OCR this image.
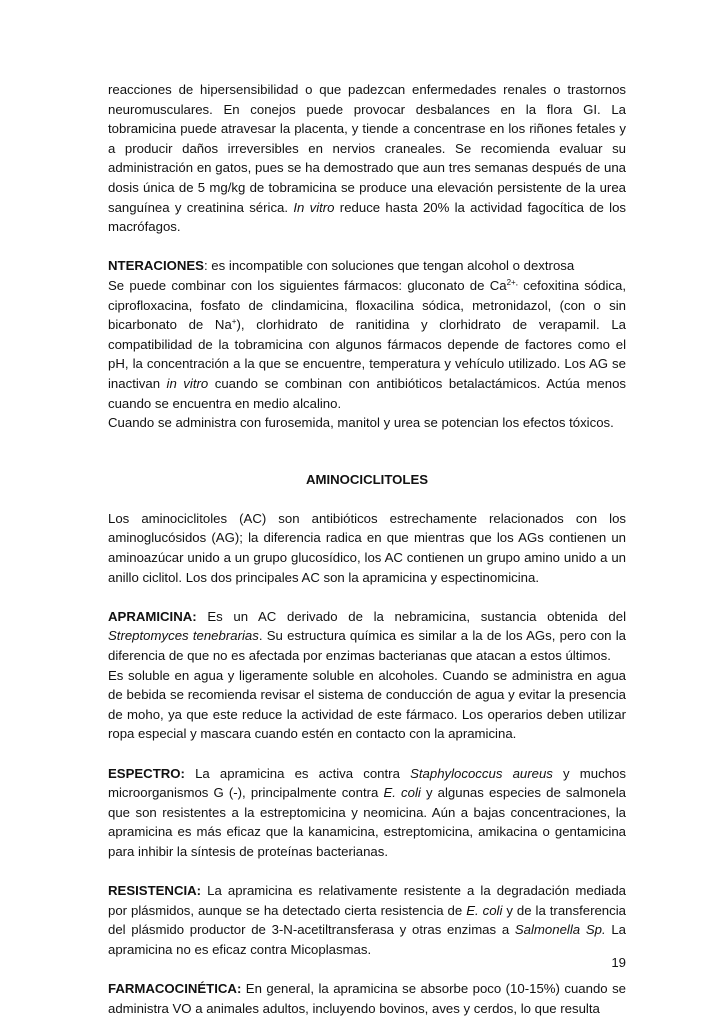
reacciones de hipersensibilidad o que padezcan enfermedades renales o trastornos neuromusculares. En conejos puede provocar desbalances en la flora GI. La tobramicina puede atravesar la placenta, y tiende a concentrase en los riñones fetales y a producir daños irreversibles en nervios craneales. Se recomienda evaluar su administración en gatos, pues se ha demostrado que aun tres semanas después de una dosis única de 5 mg/kg de tobramicina se produce una elevación persistente de la urea sanguínea y creatinina sérica. In vitro reduce hasta 20% la actividad fagocítica de los macrófagos.

NTERACIONES: es incompatible con soluciones que tengan alcohol o dextrosa

Se puede combinar con los siguientes fármacos: gluconato de $Ca^{2+,}$ cefoxitina sódica, ciprofloxacina, fosfato de clindamicina, floxacilina sódica, metronidazol, (con o sin bicarbonato de Na+), clorhidrato de ranitidina y clorhidrato de verapamil. La compatibilidad de la tobramicina con algunos fármacos depende de factores como el pH, la concentración a la que se encuentre, temperatura y vehículo utilizado. Los AG se inactivan in vitro cuando se combinan con antibióticos betalactámicos. Actúa menos cuando se encuentra en medio alcalino.

Cuando se administra con furosemida, manitol y urea se potencian los efectos tóxicos.

AMINOCICLITOLES

Los aminociclitoles (AC) son antibióticos estrechamente relacionados con los aminoglucósidos (AG); la diferencia radica en que mientras que los AGs contienen un aminoazúcar unido a un grupo glucosídico, los AC contienen un grupo amino unido a un anillo ciclitol. Los dos principales AC son la apramicina y espectinomicina.

APRAMICINA: Es un AC derivado de la nebramicina, sustancia obtenida del Streptomyces tenebrarias. Su estructura química es similar a la de los AGs, pero con la diferencia de que no es afectada por enzimas bacterianas que atacan a estos últimos.

Es soluble en agua y ligeramente soluble en alcoholes. Cuando se administra en agua de bebida se recomienda revisar el sistema de conducción de agua y evitar la presencia de moho, ya que este reduce la actividad de este fármaco. Los operarios deben utilizar ropa especial y mascara cuando estén en contacto con la apramicina.

ESPECTRO: La apramicina es activa contra Staphylococcus aureus y muchos microorganismos G (-), principalmente contra E. coli y algunas especies de salmonela que son resistentes a la estreptomicina y neomicina. Aún a bajas concentraciones, la apramicina es más eficaz que la kanamicina, estreptomicina, amikacina o gentamicina para inhibir la síntesis de proteínas bacterianas.

RESISTENCIA: La apramicina es relativamente resistente a la degradación mediada por plásmidos, aunque se ha detectado cierta resistencia de E. coli y de la transferencia del plásmido productor de 3-N-acetiltransferasa y otras enzimas a Salmonella Sp. La apramicina no es eficaz contra Micoplasmas.

FARMACOCINÉTICA: En general, la apramicina se absorbe poco (10-15%) cuando se administra VO a animales adultos, incluyendo bovinos, aves y cerdos, lo que resulta

19
